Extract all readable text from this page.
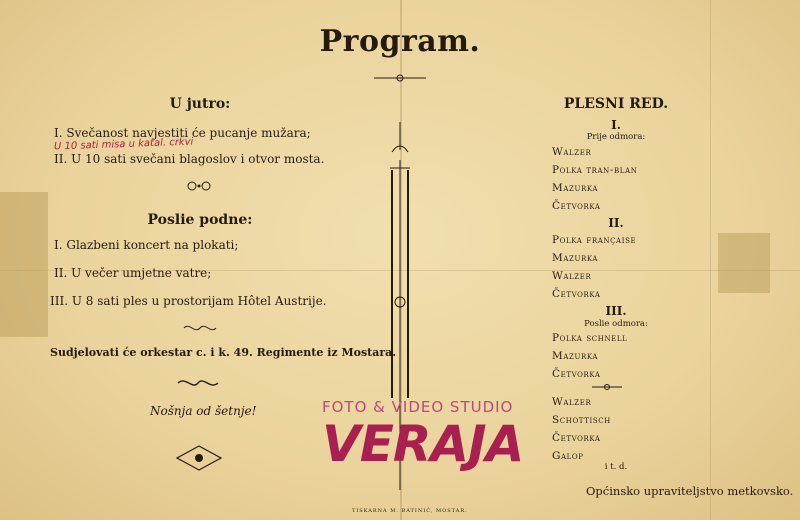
Program.
U jutro:
I. Svečanost navjestiti će pucanje mužara;
U 10 sati misa u katal. crkvi
II. U 10 sati svečani blagoslov i otvor mosta.
Poslie podne:
I. Glazbeni koncert na plokati;
II. U večer umjetne vatre;
III. U 8 sati ples u prostorijam Hôtel Austrije.
Sudjelovati će orkestar c. i k. 49. Regimente iz Mostara.
Nošnja od šetnje!
PLESNI RED.
I.
Prije odmora:
Walzer
Polka tran-blan
Mazurka
Četvorka
II.
Polka française
Mazurka
Walzer
Četvorka
III.
Poslie odmora:
Polka schnell
Mazurka
Četvorka
Walzer
Schottisch
Četvorka
Galop
i t. d.
Općinsko upraviteljstvo metkovsko.
TISKARNA M. BATINIĆ, MOSTAR.
FOTO & VIDEO STUDIO
VERAJA
